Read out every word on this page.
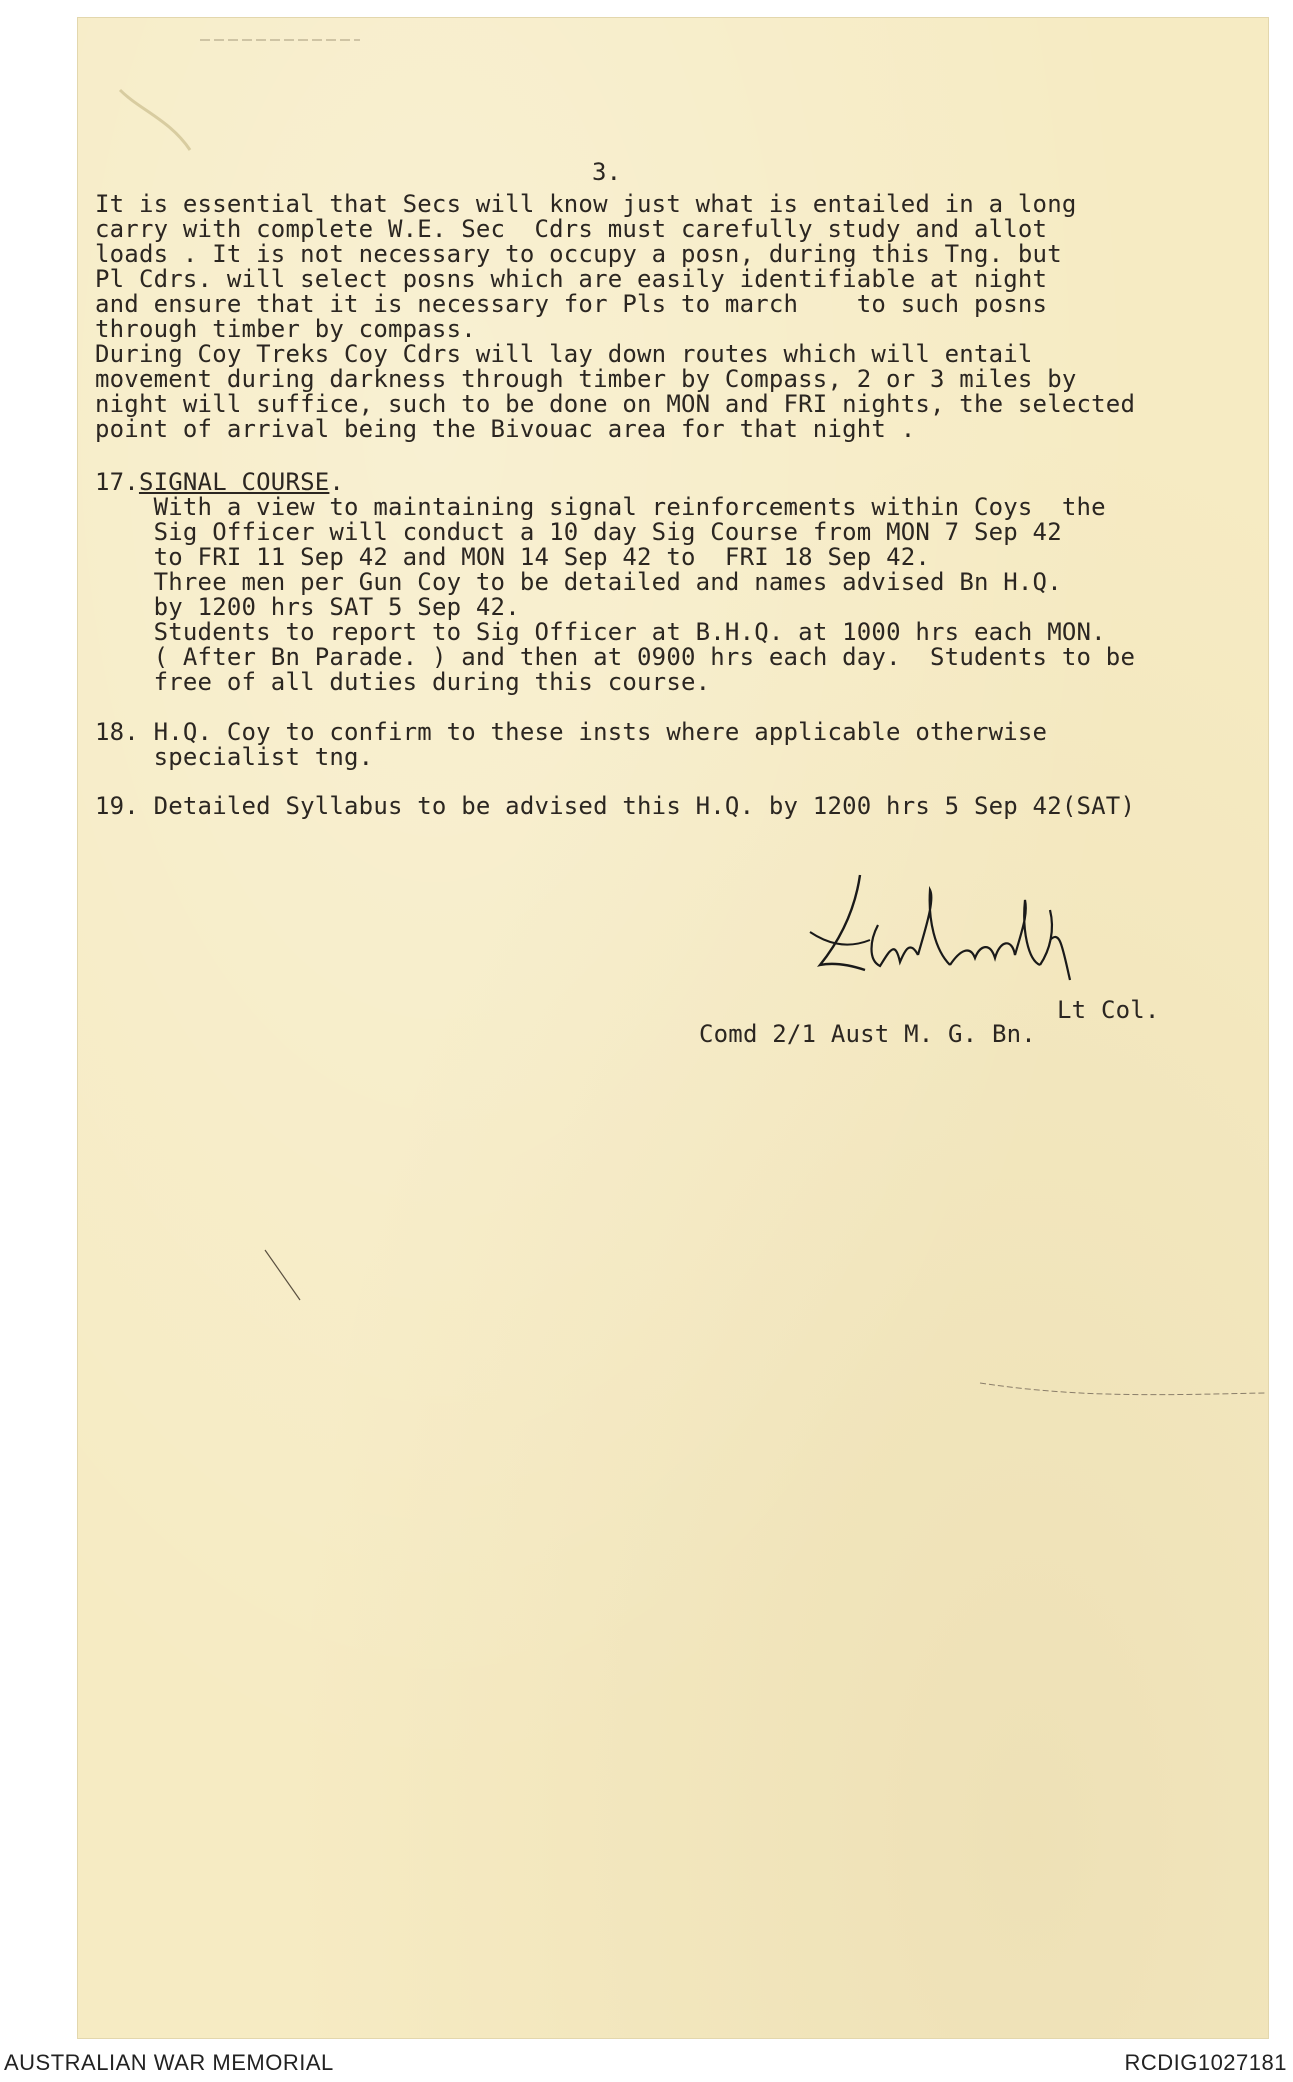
3.
It is essential that Secs will know just what is entailed in a long
carry with complete W.E. Sec  Cdrs must carefully study and allot
loads . It is not necessary to occupy a posn, during this Tng. but
Pl Cdrs. will select posns which are easily identifiable at night
and ensure that it is necessary for Pls to march    to such posns
through timber by compass.
During Coy Treks Coy Cdrs will lay down routes which will entail
movement during darkness through timber by Compass, 2 or 3 miles by
night will suffice, such to be done on MON and FRI nights, the selected
point of arrival being the Bivouac area for that night .
17.SIGNAL COURSE.
With a view to maintaining signal reinforcements within Coys  the
Sig Officer will conduct a 10 day Sig Course from MON 7 Sep 42
to FRI 11 Sep 42 and MON 14 Sep 42 to  FRI 18 Sep 42.
Three men per Gun Coy to be detailed and names advised Bn H.Q.
by 1200 hrs SAT 5 Sep 42.
Students to report to Sig Officer at B.H.Q. at 1000 hrs each MON.
( After Bn Parade. ) and then at 0900 hrs each day.  Students to be
free of all duties during this course.
18. H.Q. Coy to confirm to these insts where applicable otherwise
specialist tng.
19. Detailed Syllabus to be advised this H.Q. by 1200 hrs 5 Sep 42(SAT)
Lt Col.
Comd 2/1 Aust M. G. Bn.
AUSTRALIAN WAR MEMORIAL	RCDIG1027181
